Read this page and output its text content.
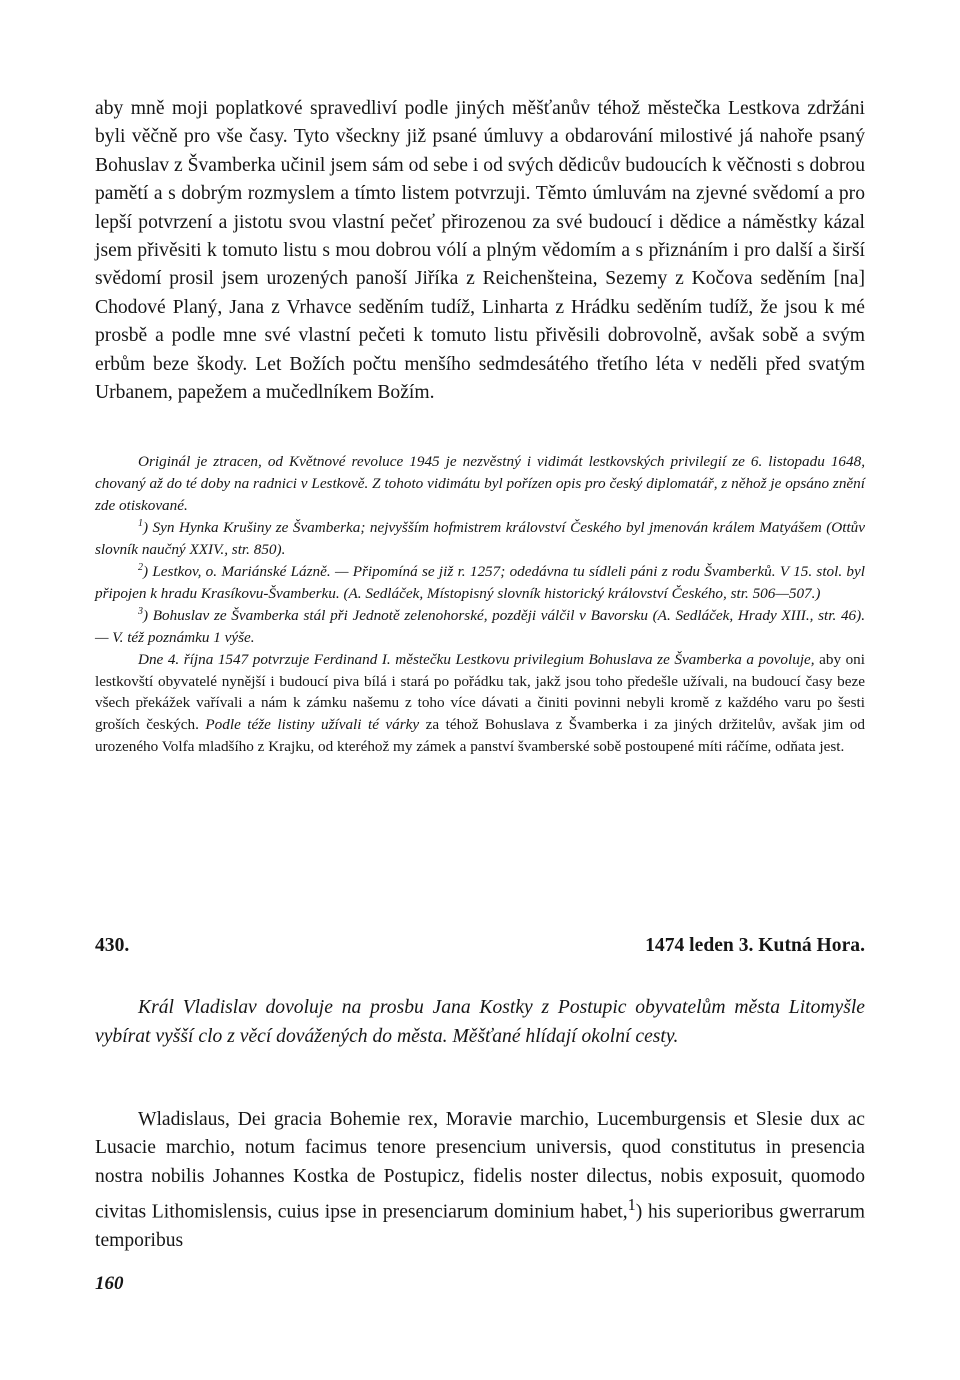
aby mně moji poplatkové spravedliví podle jiných měšťanův téhož městečka Lestkova zdržáni byli věčně pro vše časy. Tyto všeckny již psané úmluvy a obdarování milostivé já nahoře psaný Bohuslav z Švamberka učinil jsem sám od sebe i od svých dědicův budoucích k věčnosti s dobrou pamětí a s dobrým rozmyslem a tímto listem potvrzuji. Těmto úmluvám na zjevné svědomí a pro lepší potvrzení a jistotu svou vlastní pečeť přirozenou za své budoucí i dědice a náměstky kázal jsem přivěsiti k tomuto listu s mou dobrou vólí a plným vědomím a s přiznáním i pro další a širší svědomí prosil jsem urozených panoší Jiříka z Reichenšteina, Sezemy z Kočova seděním [na] Chodové Planý, Jana z Vrhavce seděním tudíž, Linharta z Hrádku seděním tudíž, že jsou k mé prosbě a podle mne své vlastní pečeti k tomuto listu přivěsili dobrovolně, avšak sobě a svým erbům beze škody. Let Božích počtu menšího sedmdesátého třetího léta v neděli před svatým Urbanem, papežem a mučedlníkem Božím.

Originál je ztracen, od Květnové revoluce 1945 je nezvěstný i vidimát lestkovských privilegií ze 6. listopadu 1648, chovaný až do té doby na radnici v Lestkově. Z tohoto vidimátu byl pořízen opis pro český diplomatář, z něhož je opsáno znění zde otiskované.

$^1$) Syn Hynka Krušiny ze Švamberka; nejvyšším hofmistrem království Českého byl jmenován králem Matyášem (Ottův slovník naučný XXIV., str. 850).

$^2$) Lestkov, o. Mariánské Lázně. — Připomíná se již r. 1257; odedávna tu sídleli páni z rodu Švamberků. V 15. stol. byl připojen k hradu Krasíkovu-Švamberku. (A. Sedláček, Místopisný slovník historický království Českého, str. 506—507.)

$^3$) Bohuslav ze Švamberka stál při Jednotě zelenohorské, později válčil v Bavorsku (A. Sedláček, Hrady XIII., str. 46). — V. též poznámku 1 výše.

Dne 4. října 1547 potvrzuje Ferdinand I. městečku Lestkovu privilegium Bohuslava ze Švamberka a povoluje, aby oni lestkovští obyvatelé nynější i budoucí piva bílá i stará po pořádku tak, jakž jsou toho předešle užívali, na budoucí časy beze všech překážek vařívali a nám k zámku našemu z toho více dávati a činiti povinni nebyli kromě z každého varu po šesti groších českých. Podle téže listiny užívali té várky za téhož Bohuslava z Švamberka i za jiných držitelův, avšak jim od urozeného Volfa mladšího z Krajku, od kteréhož my zámek a panství švamberské sobě postoupené míti ráčíme, odňata jest.

430.	1474 leden 3. Kutná Hora.

Král Vladislav dovoluje na prosbu Jana Kostky z Postupic obyvatelům města Litomyšle vybírat vyšší clo z věcí dovážených do města. Měšťané hlídají okolní cesty.

Wladislaus, Dei gracia Bohemie rex, Moravie marchio, Lucemburgensis et Slesie dux ac Lusacie marchio, notum facimus tenore presencium universis, quod constitutus in presencia nostra nobilis Johannes Kostka de Postupicz, fidelis noster dilectus, nobis exposuit, quomodo civitas Lithomislensis, cuius ipse in presenciarum dominium habet,$^1$) his superioribus gwerrarum temporibus

160
